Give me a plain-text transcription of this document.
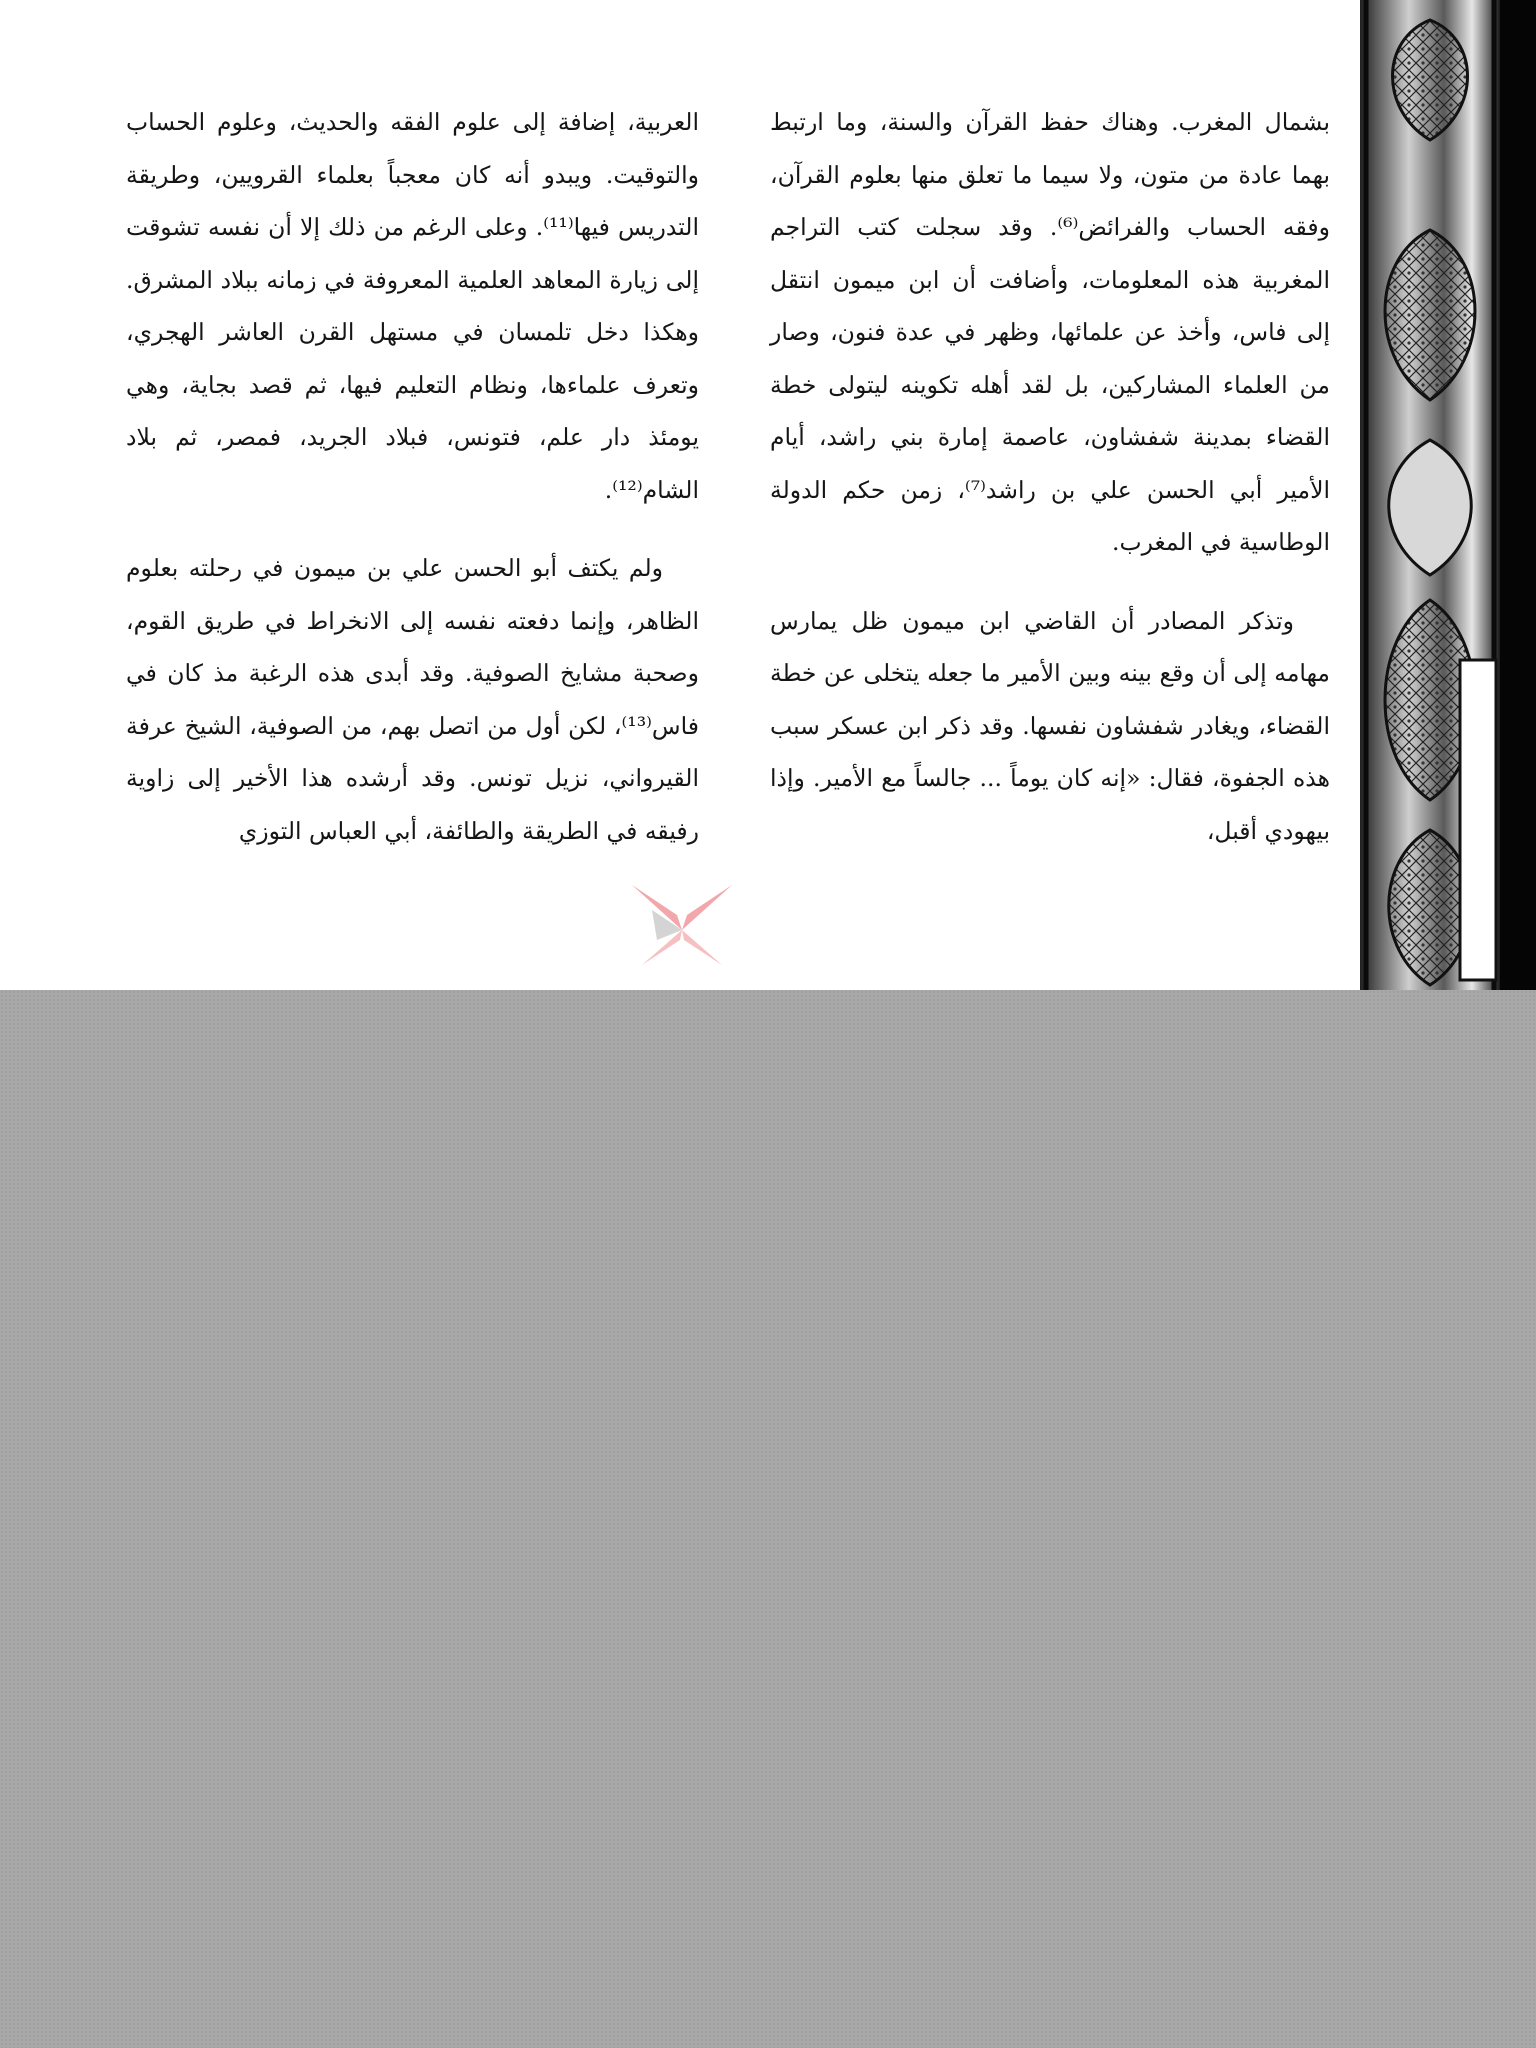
بشمال المغرب. وهناك حفظ القرآن والسنة، وما ارتبط بهما عادة من متون، ولا سيما ما تعلق منها بعلوم القرآن، وفقه الحساب والفرائض⁽⁶⁾. وقد سجلت كتب التراجم المغربية هذه المعلومات، وأضافت أن ابن ميمون انتقل إلى فاس، وأخذ عن علمائها، وظهر في عدة فنون، وصار من العلماء المشاركين، بل لقد أهله تكوينه ليتولى خطة القضاء بمدينة شفشاون، عاصمة إمارة بني راشد، أيام الأمير أبي الحسن علي بن راشد⁽⁷⁾، زمن حكم الدولة الوطاسية في المغرب.

وتذكر المصادر أن القاضي ابن ميمون ظل يمارس مهامه إلى أن وقع بينه وبين الأمير ما جعله يتخلى عن خطة القضاء، ويغادر شفشاون نفسها. وقد ذكر ابن عسكر سبب هذه الجفوة، فقال: «إنه كان يوماً ... جالساً مع الأمير. وإذا بيهودي أقبل،

العربية، إضافة إلى علوم الفقه والحديث، وعلوم الحساب والتوقيت. ويبدو أنه كان معجباً بعلماء القرويين، وطريقة التدريس فيها⁽¹¹⁾. وعلى الرغم من ذلك إلا أن نفسه تشوقت إلى زيارة المعاهد العلمية المعروفة في زمانه ببلاد المشرق. وهكذا دخل تلمسان في مستهل القرن العاشر الهجري، وتعرف علماءها، ونظام التعليم فيها، ثم قصد بجاية، وهي يومئذ دار علم، فتونس، فبلاد الجريد، فمصر، ثم بلاد الشام⁽¹²⁾.

ولم يكتف أبو الحسن علي بن ميمون في رحلته بعلوم الظاهر، وإنما دفعته نفسه إلى الانخراط في طريق القوم، وصحبة مشايخ الصوفية. وقد أبدى هذه الرغبة مذ كان في فاس⁽¹³⁾، لكن أول من اتصل بهم، من الصوفية، الشيخ عرفة القيرواني، نزيل تونس. وقد أرشده هذا الأخير إلى زاوية رفيقه في الطريقة والطائفة، أبي العباس التوزي
